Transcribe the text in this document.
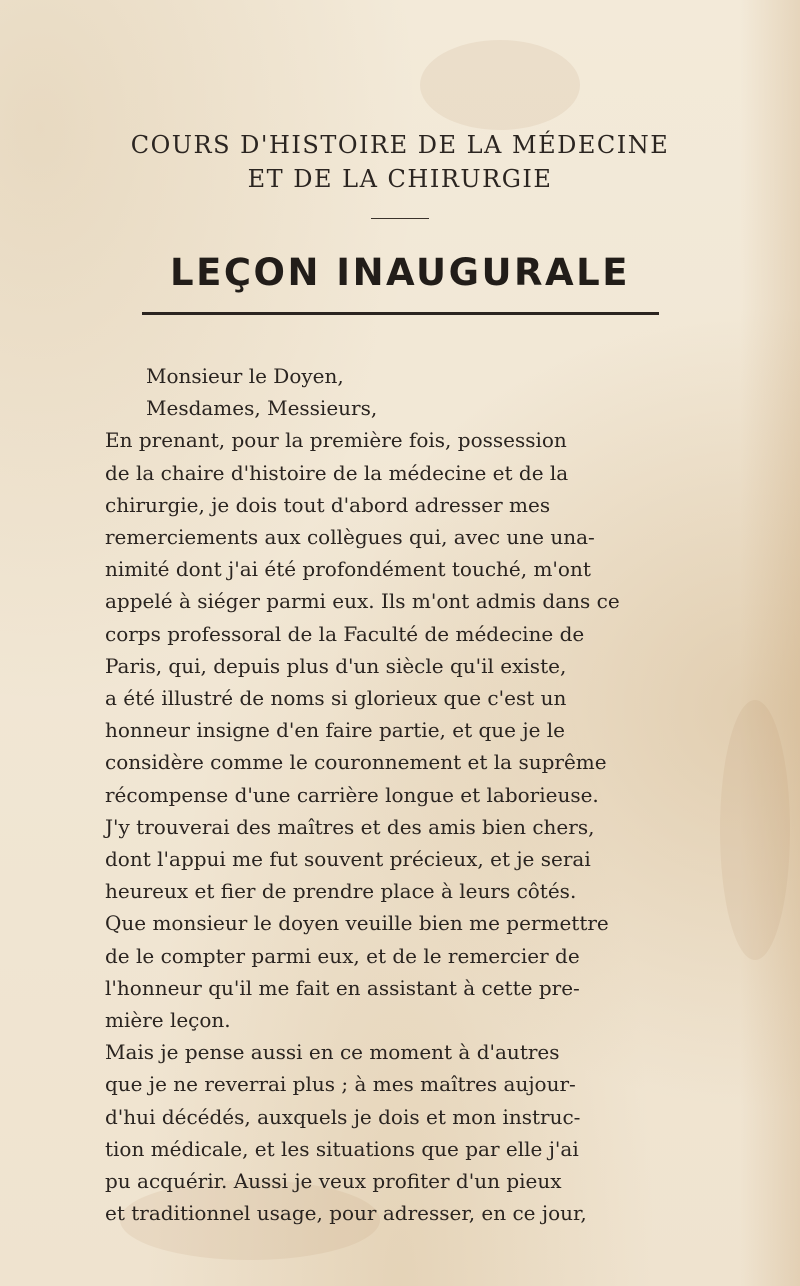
COURS D'HISTOIRE DE LA MÉDECINE
ET DE LA CHIRURGIE
LEÇON INAUGURALE
Monsieur le Doyen,
Mesdames, Messieurs,
En prenant, pour la première fois, possession
de la chaire d'histoire de la médecine et de la
chirurgie, je dois tout d'abord adresser mes
remerciements aux collègues qui, avec une una-
nimité dont j'ai été profondément touché, m'ont
appelé à siéger parmi eux. Ils m'ont admis dans ce
corps professoral de la Faculté de médecine de
Paris, qui, depuis plus d'un siècle qu'il existe,
a été illustré de noms si glorieux que c'est un
honneur insigne d'en faire partie, et que je le
considère comme le couronnement et la suprême
récompense d'une carrière longue et laborieuse.
J'y trouverai des maîtres et des amis bien chers,
dont l'appui me fut souvent précieux, et je serai
heureux et fier de prendre place à leurs côtés.
Que monsieur le doyen veuille bien me permettre
de le compter parmi eux, et de le remercier de
l'honneur qu'il me fait en assistant à cette pre-
mière leçon.
Mais je pense aussi en ce moment à d'autres
que je ne reverrai plus ; à mes maîtres aujour-
d'hui décédés, auxquels je dois et mon instruc-
tion médicale, et les situations que par elle j'ai
pu acquérir. Aussi je veux profiter d'un pieux
et traditionnel usage, pour adresser, en ce jour,
